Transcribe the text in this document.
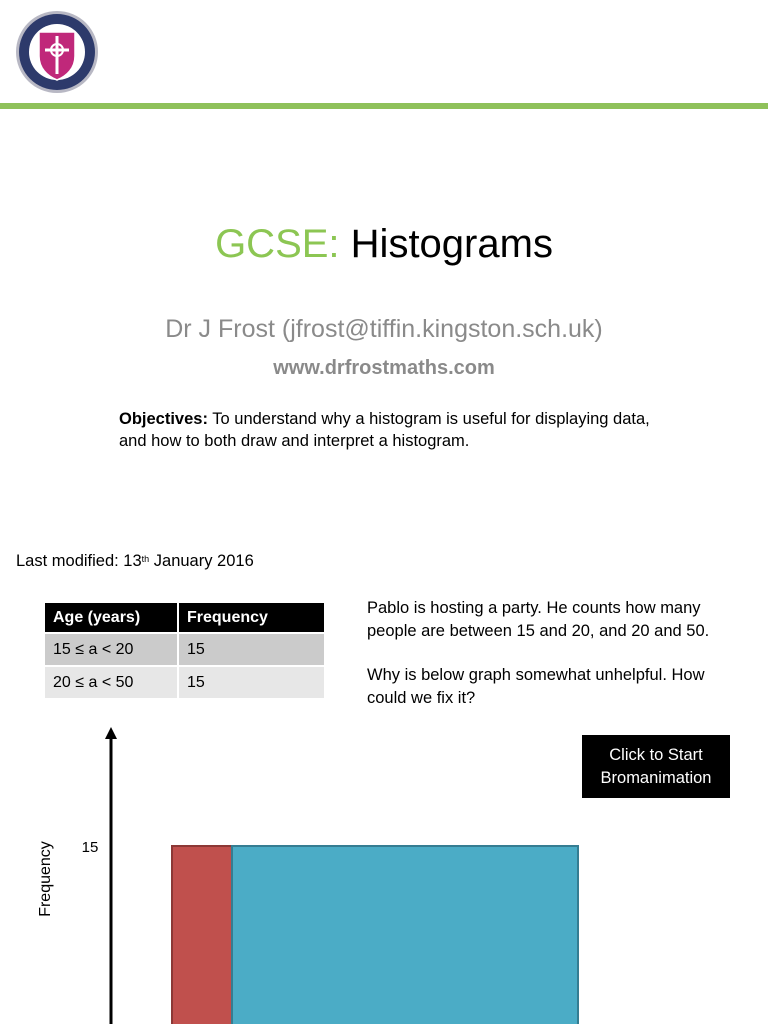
GCSE: Histograms
Dr J Frost (jfrost@tiffin.kingston.sch.uk)
www.drfrostmaths.com
Objectives: To understand why a histogram is useful for displaying data, and how to both draw and interpret a histogram.
Last modified: 13th January 2016
Age (years)	Frequency
15 ≤ a < 20	15
20 ≤ a < 50	15
Pablo is hosting a party. He counts how many people are between 15 and 20, and 20 and 50.
Why is below graph somewhat unhelpful. How could we fix it?
Click to Start Bromanimation
Frequency 15
